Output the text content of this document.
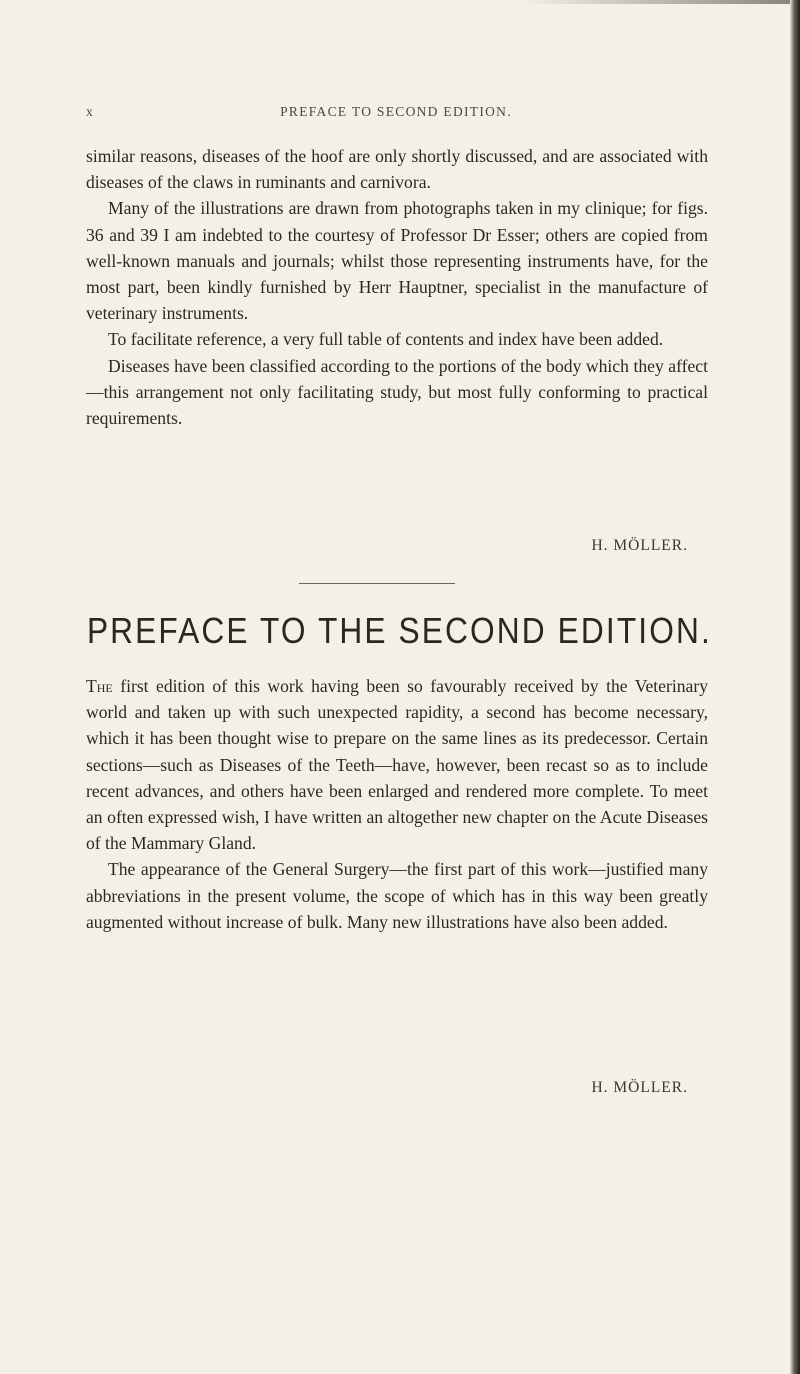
x	PREFACE TO SECOND EDITION.

similar reasons, diseases of the hoof are only shortly discussed, and are associated with diseases of the claws in ruminants and carnivora.

Many of the illustrations are drawn from photographs taken in my clinique; for figs. 36 and 39 I am indebted to the courtesy of Professor Dr Esser; others are copied from well-known manuals and journals; whilst those representing instruments have, for the most part, been kindly furnished by Herr Hauptner, specialist in the manufacture of veterinary instruments.

To facilitate reference, a very full table of contents and index have been added.

Diseases have been classified according to the portions of the body which they affect—this arrangement not only facilitating study, but most fully conforming to practical requirements.

H. MÖLLER.
PREFACE TO THE SECOND EDITION.

The first edition of this work having been so favourably received by the Veterinary world and taken up with such unexpected rapidity, a second has become necessary, which it has been thought wise to prepare on the same lines as its predecessor. Certain sections—such as Diseases of the Teeth—have, however, been recast so as to include recent advances, and others have been enlarged and rendered more complete. To meet an often expressed wish, I have written an altogether new chapter on the Acute Diseases of the Mammary Gland.

The appearance of the General Surgery—the first part of this work—justified many abbreviations in the present volume, the scope of which has in this way been greatly augmented without increase of bulk. Many new illustrations have also been added.

H. MÖLLER.
